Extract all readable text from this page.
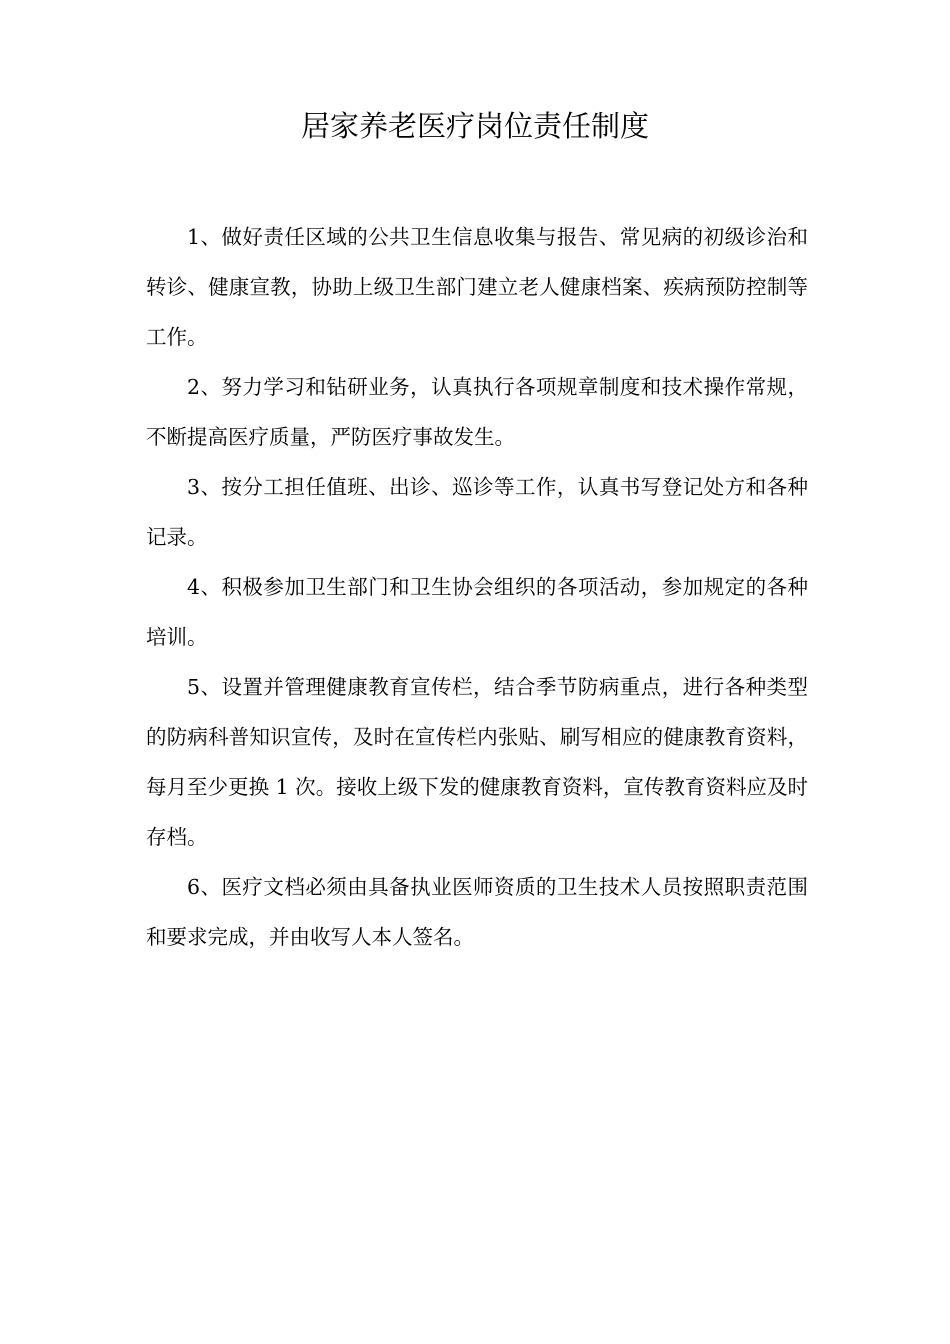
居家养老医疗岗位责任制度

1、做好责任区域的公共卫生信息收集与报告、常见病的初级诊治和转诊、健康宣教，协助上级卫生部门建立老人健康档案、疾病预防控制等工作。

2、努力学习和钻研业务，认真执行各项规章制度和技术操作常规，不断提高医疗质量，严防医疗事故发生。

3、按分工担任值班、出诊、巡诊等工作，认真书写登记处方和各种记录。

4、积极参加卫生部门和卫生协会组织的各项活动，参加规定的各种培训。

5、设置并管理健康教育宣传栏，结合季节防病重点，进行各种类型的防病科普知识宣传，及时在宣传栏内张贴、刷写相应的健康教育资料，每月至少更换 1 次。接收上级下发的健康教育资料，宣传教育资料应及时存档。

6、医疗文档必须由具备执业医师资质的卫生技术人员按照职责范围和要求完成，并由收写人本人签名。
